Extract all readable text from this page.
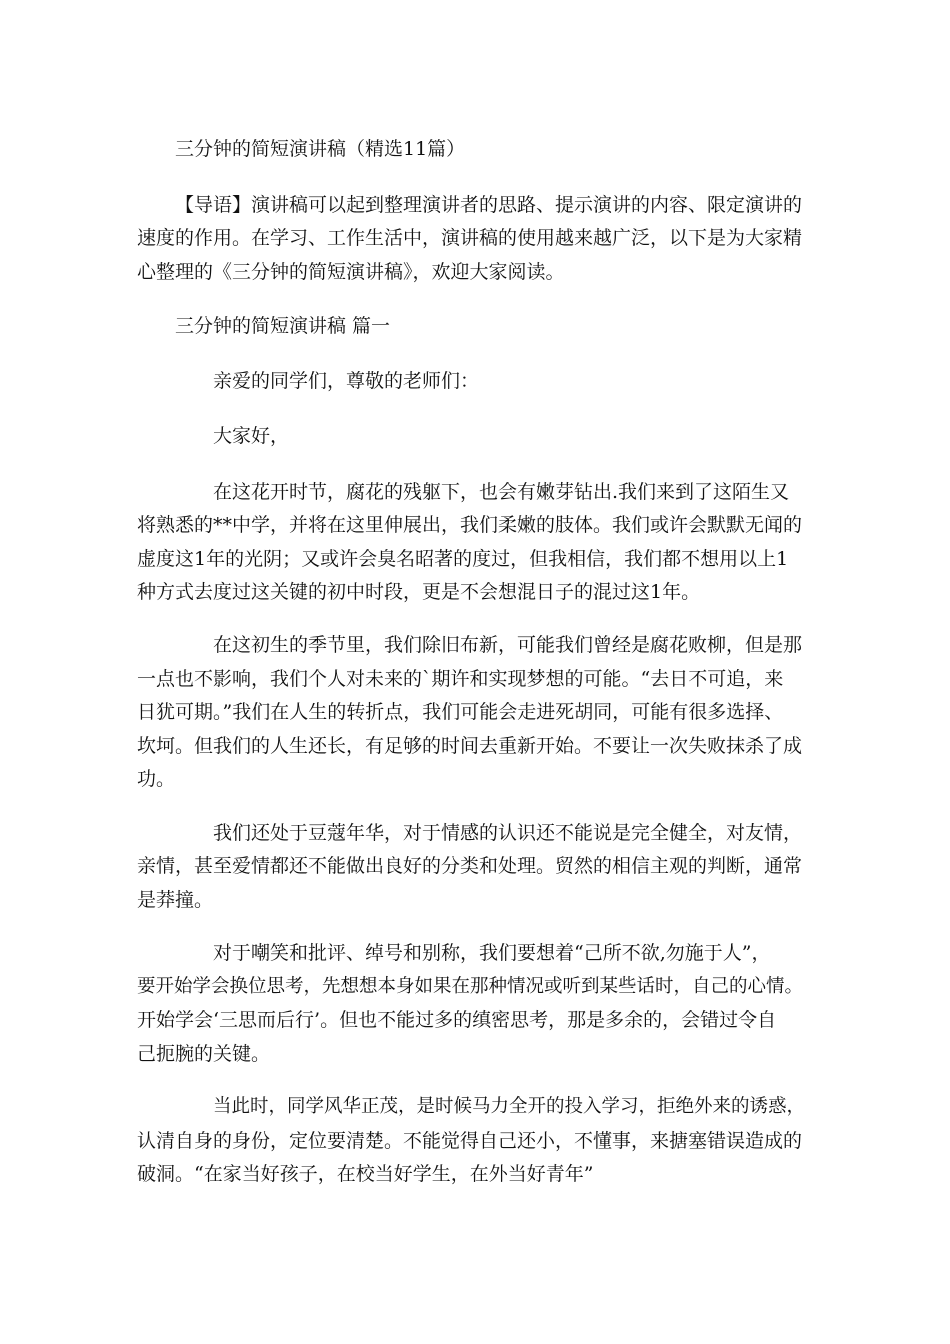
三分钟的简短演讲稿（精选11篇）
【导语】演讲稿可以起到整理演讲者的思路、提示演讲的内容、限定演讲的
速度的作用。在学习、工作生活中，演讲稿的使用越来越广泛，以下是为大家精
心整理的《三分钟的简短演讲稿》，欢迎大家阅读。
三分钟的简短演讲稿 篇一
亲爱的同学们，尊敬的老师们：
大家好，
在这花开时节，腐花的残躯下，也会有嫩芽钻出.我们来到了这陌生又
将熟悉的**中学，并将在这里伸展出，我们柔嫩的肢体。我们或许会默默无闻的
虚度这1年的光阴；又或许会臭名昭著的度过，但我相信，我们都不想用以上1
种方式去度过这关键的初中时段，更是不会想混日子的混过这1年。
在这初生的季节里，我们除旧布新，可能我们曾经是腐花败柳，但是那
一点也不影响，我们个人对未来的`期许和实现梦想的可能。“去日不可追，来
日犹可期。”我们在人生的转折点，我们可能会走进死胡同，可能有很多选择、
坎坷。但我们的人生还长，有足够的时间去重新开始。不要让一次失败抹杀了成
功。
我们还处于豆蔻年华，对于情感的认识还不能说是完全健全，对友情，
亲情，甚至爱情都还不能做出良好的分类和处理。贸然的相信主观的判断，通常
是莽撞。
对于嘲笑和批评、绰号和别称，我们要想着“己所不欲,勿施于人”，
要开始学会换位思考，先想想本身如果在那种情况或听到某些话时，自己的心情。
开始学会‘三思而后行’。但也不能过多的缜密思考，那是多余的，会错过令自
己扼腕的关键。
当此时，同学风华正茂，是时候马力全开的投入学习，拒绝外来的诱惑，
认清自身的身份，定位要清楚。不能觉得自己还小，不懂事，来搪塞错误造成的
破洞。“在家当好孩子，在校当好学生，在外当好青年”
